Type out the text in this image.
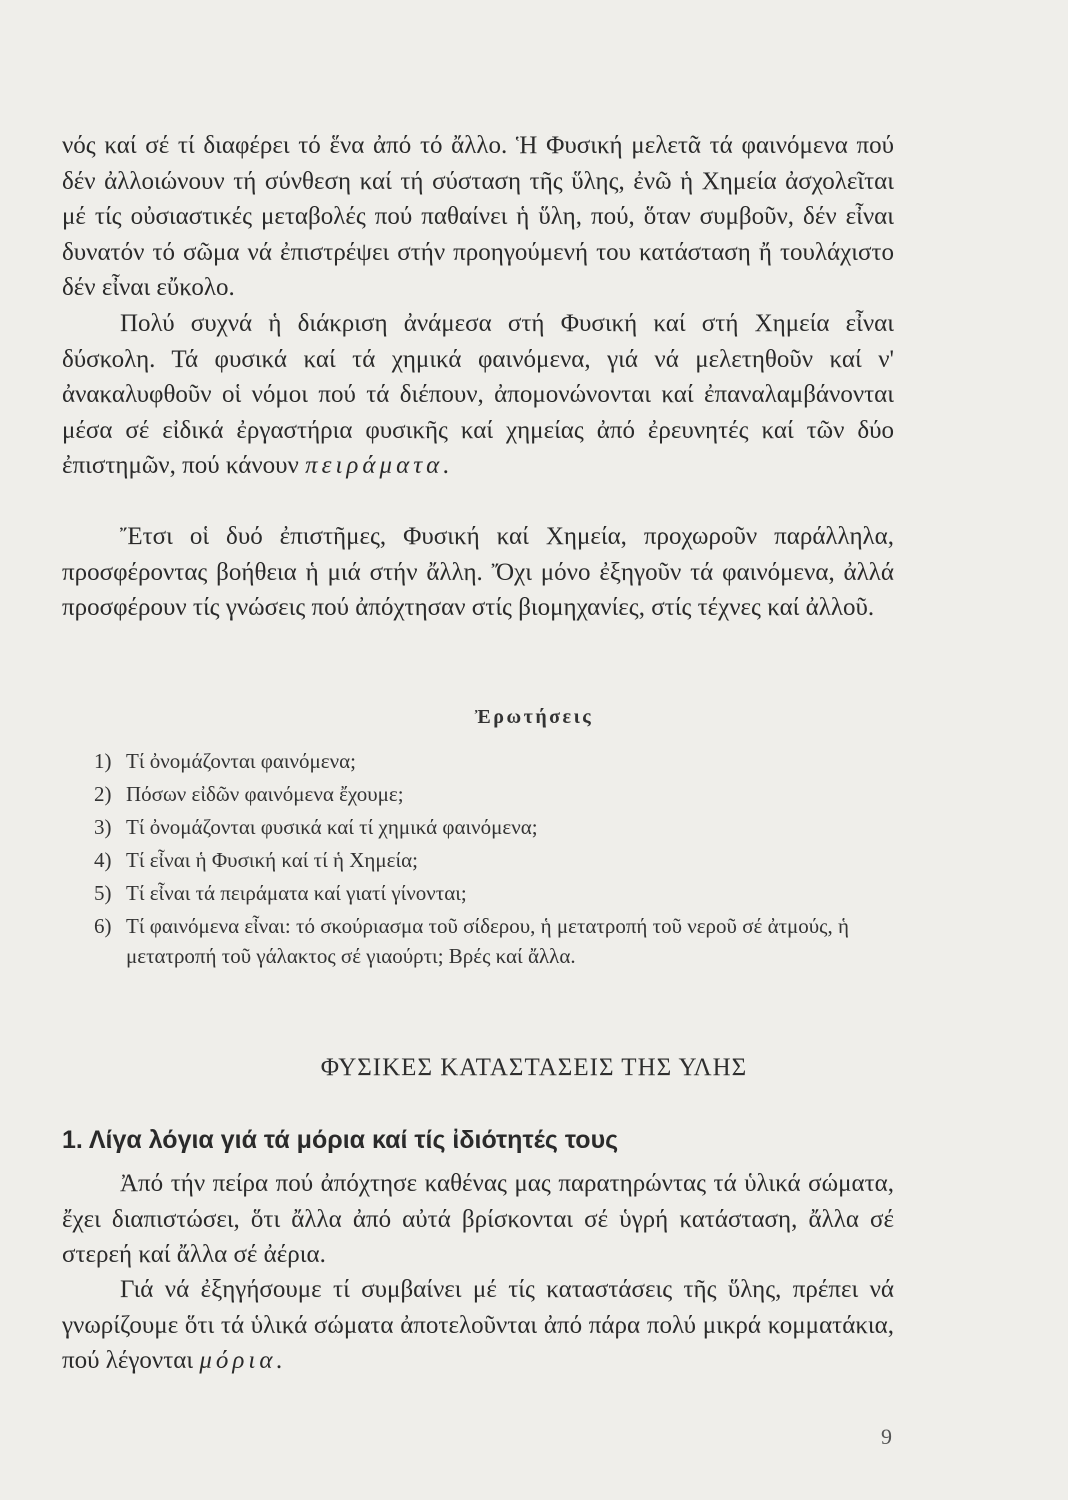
νός καί σέ τί διαφέρει τό ἕνα ἀπό τό ἄλλο. Ἡ Φυσική μελετᾶ τά φαινόμενα πού δέν ἀλλοιώνουν τή σύνθεση καί τή σύσταση τῆς ὕλης, ἐνῶ ἡ Χημεία ἀσχολεῖται μέ τίς οὐσιαστικές μεταβολές πού παθαίνει ἡ ὕλη, πού, ὅταν συμβοῦν, δέν εἶναι δυνατόν τό σῶμα νά ἐπιστρέψει στήν προηγούμενή του κατάσταση ἤ τουλάχιστο δέν εἶναι εὔκολο.

Πολύ συχνά ἡ διάκριση ἀνάμεσα στή Φυσική καί στή Χημεία εἶναι δύσκολη. Τά φυσικά καί τά χημικά φαινόμενα, γιά νά μελετηθοῦν καί ν' ἀνακαλυφθοῦν οἱ νόμοι πού τά διέπουν, ἀπομονώνονται καί ἐπαναλαμβάνονται μέσα σέ εἰδικά ἐργαστήρια φυσικῆς καί χημείας ἀπό ἐρευνητές καί τῶν δύο ἐπιστημῶν, πού κάνουν πειράματα.

Ἔτσι οἱ δυό ἐπιστῆμες, Φυσική καί Χημεία, προχωροῦν παράλληλα, προσφέροντας βοήθεια ἡ μιά στήν ἄλλη. Ὄχι μόνο ἐξηγοῦν τά φαινόμενα, ἀλλά προσφέρουν τίς γνώσεις πού ἀπόχτησαν στίς βιομηχανίες, στίς τέχνες καί ἀλλοῦ.

Ἐρωτήσεις
1) Τί ὀνομάζονται φαινόμενα;
2) Πόσων εἰδῶν φαινόμενα ἔχουμε;
3) Τί ὀνομάζονται φυσικά καί τί χημικά φαινόμενα;
4) Τί εἶναι ἡ Φυσική καί τί ἡ Χημεία;
5) Τί εἶναι τά πειράματα καί γιατί γίνονται;
6) Τί φαινόμενα εἶναι: τό σκούριασμα τοῦ σίδερου, ἡ μετατροπή τοῦ νεροῦ σέ ἀτμούς, ἡ μετατροπή τοῦ γάλακτος σέ γιαούρτι; Βρές καί ἄλλα.
ΦΥΣΙΚΕΣ ΚΑΤΑΣΤΑΣΕΙΣ ΤΗΣ ΥΛΗΣ
1. Λίγα λόγια γιά τά μόρια καί τίς ἰδιότητές τους

Ἀπό τήν πείρα πού ἀπόχτησε καθένας μας παρατηρώντας τά ὑλικά σώματα, ἔχει διαπιστώσει, ὅτι ἄλλα ἀπό αὐτά βρίσκονται σέ ὑγρή κατάσταση, ἄλλα σέ στερεή καί ἄλλα σέ ἀέρια.

Γιά νά ἐξηγήσουμε τί συμβαίνει μέ τίς καταστάσεις τῆς ὕλης, πρέπει νά γνωρίζουμε ὅτι τά ὑλικά σώματα ἀποτελοῦνται ἀπό πάρα πολύ μικρά κομματάκια, πού λέγονται μόρια.

9
